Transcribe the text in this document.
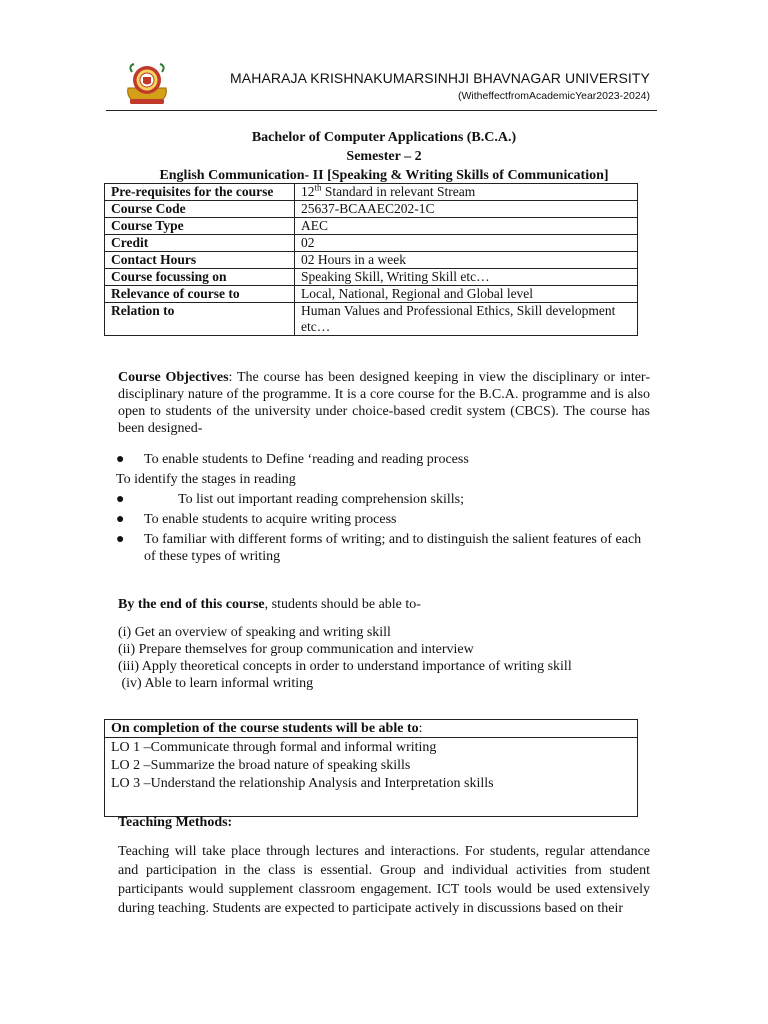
MAHARAJA KRISHNAKUMARSINHJI BHAVNAGAR UNIVERSITY
(WitheffectfromAcademicYear2023-2024)
Bachelor of Computer Applications (B.C.A.)
Semester – 2
English Communication- II [Speaking & Writing Skills of Communication]
Pre-requisites for the course	12th Standard in relevant Stream
Course Code	25637-BCAAEC202-1C
Course Type	AEC
Credit	02
Contact Hours	02 Hours in a week
Course focussing on	Speaking Skill, Writing Skill etc…
Relevance of course to	Local, National, Regional and Global level
Relation to	Human Values and Professional Ethics, Skill development etc…
Course Objectives: The course has been designed keeping in view the disciplinary or inter-disciplinary nature of the programme. It is a core course for the B.C.A. programme and is also open to students of the university under choice-based credit system (CBCS). The course has been designed-
● To enable students to Define ‘reading and reading process
To identify the stages in reading
●	To list out important reading comprehension skills;
● To enable students to acquire writing process
● To familiar with different forms of writing; and to distinguish the salient features of each of these types of writing
By the end of this course, students should be able to-
(i) Get an overview of speaking and writing skill
(ii) Prepare themselves for group communication and interview
(iii) Apply theoretical concepts in order to understand importance of writing skill
(iv) Able to learn informal writing
On completion of the course students will be able to:
LO 1 –Communicate through formal and informal writing
LO 2 –Summarize the broad nature of speaking skills
LO 3 –Understand the relationship Analysis and Interpretation skills
Teaching Methods:
Teaching will take place through lectures and interactions. For students, regular attendance and participation in the class is essential. Group and individual activities from student participants would supplement classroom engagement. ICT tools would be used extensively during teaching. Students are expected to participate actively in discussions based on their
